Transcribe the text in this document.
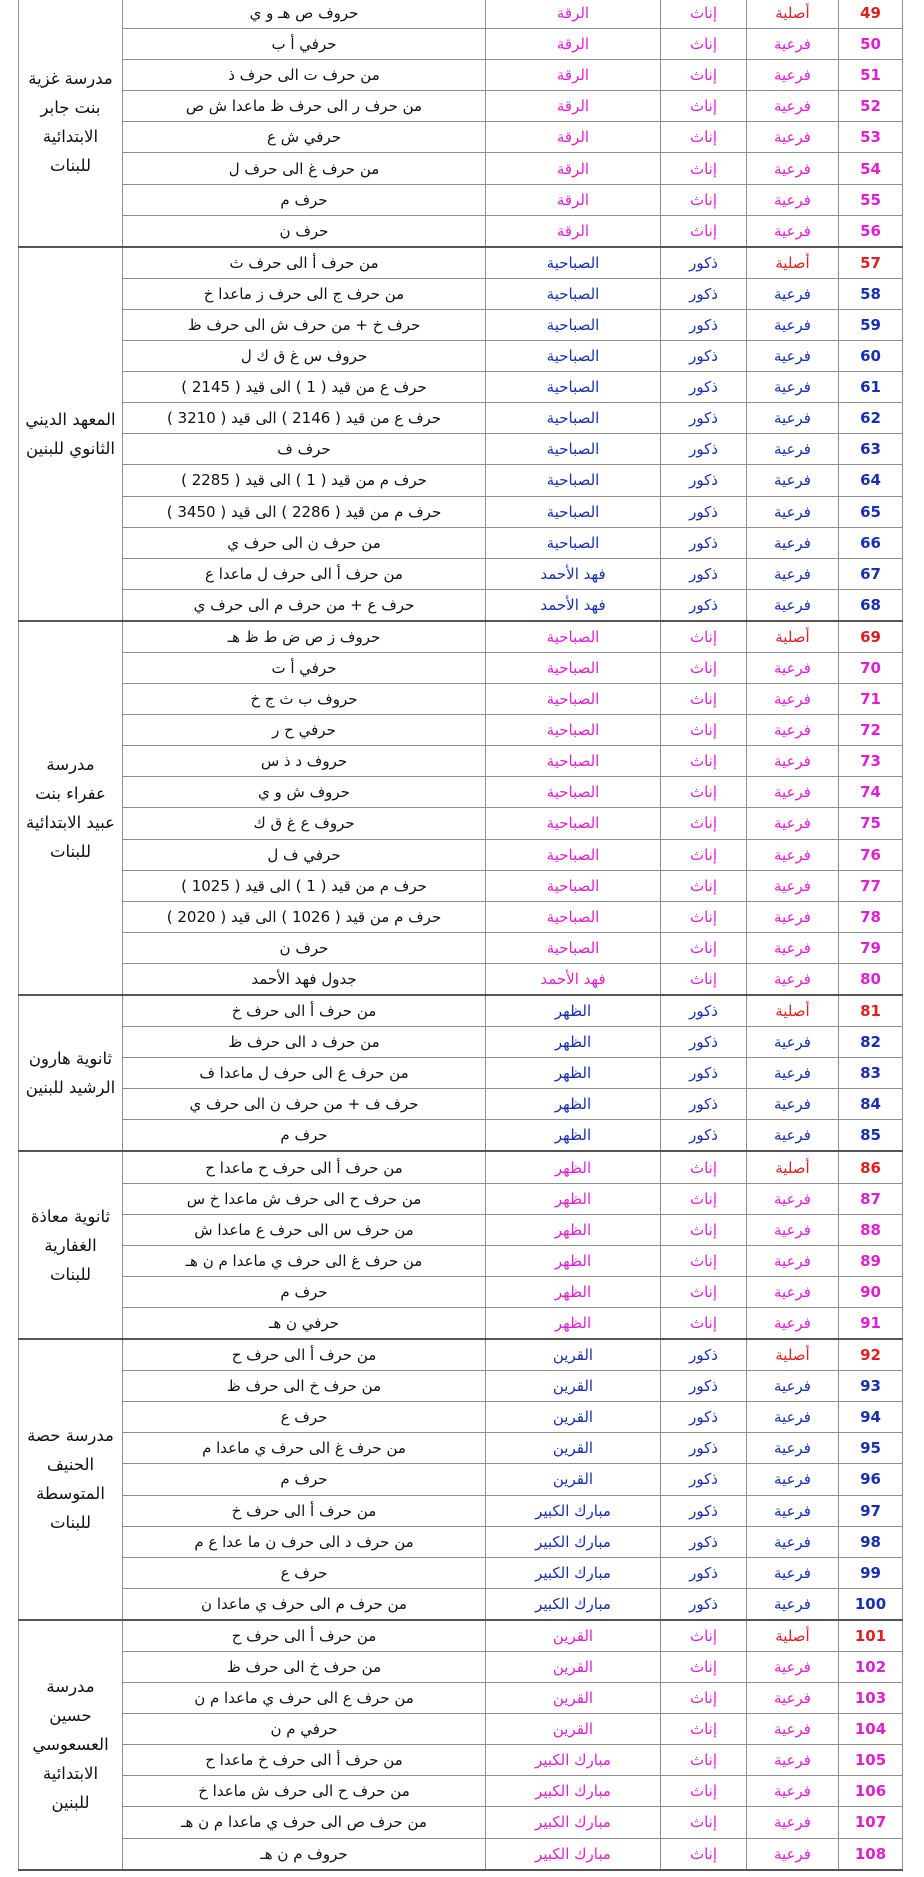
مدرسة غزية بنت جابر الابتدائية للبنات	حروف ص هـ و ي	الرقة	إناث	أصلية	49
	حرفي أ ب	الرقة	إناث	فرعية	50
	من حرف ت الى حرف ذ	الرقة	إناث	فرعية	51
	من حرف ر الى حرف ظ ماعدا ش ص	الرقة	إناث	فرعية	52
	حرفي ش ع	الرقة	إناث	فرعية	53
	من حرف غ الى حرف ل	الرقة	إناث	فرعية	54
	حرف م	الرقة	إناث	فرعية	55
	حرف ن	الرقة	إناث	فرعية	56
المعهد الديني الثانوي للبنين	من حرف أ الى حرف ث	الصباحية	ذكور	أصلية	57
	من حرف ج الى حرف ز ماعدا خ	الصباحية	ذكور	فرعية	58
	حرف خ + من حرف ش الى حرف ظ	الصباحية	ذكور	فرعية	59
	حروف س غ ق ك ل	الصباحية	ذكور	فرعية	60
	حرف ع من قيد ( 1 ) الى قيد ( 2145 )	الصباحية	ذكور	فرعية	61
	حرف ع من قيد ( 2146 ) الى قيد ( 3210 )	الصباحية	ذكور	فرعية	62
	حرف ف	الصباحية	ذكور	فرعية	63
	حرف م من قيد ( 1 ) الى قيد ( 2285 )	الصباحية	ذكور	فرعية	64
	حرف م من قيد ( 2286 ) الى قيد ( 3450 )	الصباحية	ذكور	فرعية	65
	من حرف ن الى حرف ي	الصباحية	ذكور	فرعية	66
	من حرف أ الى حرف ل ماعدا ع	فهد الأحمد	ذكور	فرعية	67
	حرف ع + من حرف م الى حرف ي	فهد الأحمد	ذكور	فرعية	68
مدرسة عفراء بنت عبيد الابتدائية للبنات	حروف ز ص ض ط ظ هـ	الصباحية	إناث	أصلية	69
	حرفي أ ت	الصباحية	إناث	فرعية	70
	حروف ب ث ج خ	الصباحية	إناث	فرعية	71
	حرفي ح ر	الصباحية	إناث	فرعية	72
	حروف د ذ س	الصباحية	إناث	فرعية	73
	حروف ش و ي	الصباحية	إناث	فرعية	74
	حروف ع غ ق ك	الصباحية	إناث	فرعية	75
	حرفي ف ل	الصباحية	إناث	فرعية	76
	حرف م من قيد ( 1 ) الى قيد ( 1025 )	الصباحية	إناث	فرعية	77
	حرف م من قيد ( 1026 ) الى قيد ( 2020 )	الصباحية	إناث	فرعية	78
	حرف ن	الصباحية	إناث	فرعية	79
	جدول فهد الأحمد	فهد الأحمد	إناث	فرعية	80
ثانوية هارون الرشيد للبنين	من حرف أ الى حرف خ	الظهر	ذكور	أصلية	81
	من حرف د الى حرف ظ	الظهر	ذكور	فرعية	82
	من حرف ع الى حرف ل ماعدا ف	الظهر	ذكور	فرعية	83
	حرف ف + من حرف ن الى حرف ي	الظهر	ذكور	فرعية	84
	حرف م	الظهر	ذكور	فرعية	85
ثانوية معاذة الغفارية للبنات	من حرف أ الى حرف ح ماعدا ح	الظهر	إناث	أصلية	86
	من حرف ح الى حرف ش ماعدا خ س	الظهر	إناث	فرعية	87
	من حرف س الى حرف ع ماعدا ش	الظهر	إناث	فرعية	88
	من حرف غ الى حرف ي ماعدا م ن هـ	الظهر	إناث	فرعية	89
	حرف م	الظهر	إناث	فرعية	90
	حرفي ن هـ	الظهر	إناث	فرعية	91
مدرسة حصة الحنيف المتوسطة للبنات	من حرف أ الى حرف ح	القرين	ذكور	أصلية	92
	من حرف خ الى حرف ظ	القرين	ذكور	فرعية	93
	حرف ع	القرين	ذكور	فرعية	94
	من حرف غ الى حرف ي ماعدا م	القرين	ذكور	فرعية	95
	حرف م	القرين	ذكور	فرعية	96
	من حرف أ الى حرف خ	مبارك الكبير	ذكور	فرعية	97
	من حرف د الى حرف ن ما عدا ع م	مبارك الكبير	ذكور	فرعية	98
	حرف ع	مبارك الكبير	ذكور	فرعية	99
	من حرف م الى حرف ي ماعدا ن	مبارك الكبير	ذكور	فرعية	100
مدرسة حسين العسعوسي الابتدائية للبنين	من حرف أ الى حرف ح	القرين	إناث	أصلية	101
	من حرف خ الى حرف ظ	القرين	إناث	فرعية	102
	من حرف ع الى حرف ي ماعدا م ن	القرين	إناث	فرعية	103
	حرفي م ن	القرين	إناث	فرعية	104
	من حرف أ الى حرف خ ماعدا ح	مبارك الكبير	إناث	فرعية	105
	من حرف ح الى حرف ش ماعدا خ	مبارك الكبير	إناث	فرعية	106
	من حرف ص الى حرف ي ماعدا م ن هـ	مبارك الكبير	إناث	فرعية	107
	حروف م ن هـ	مبارك الكبير	إناث	فرعية	108
